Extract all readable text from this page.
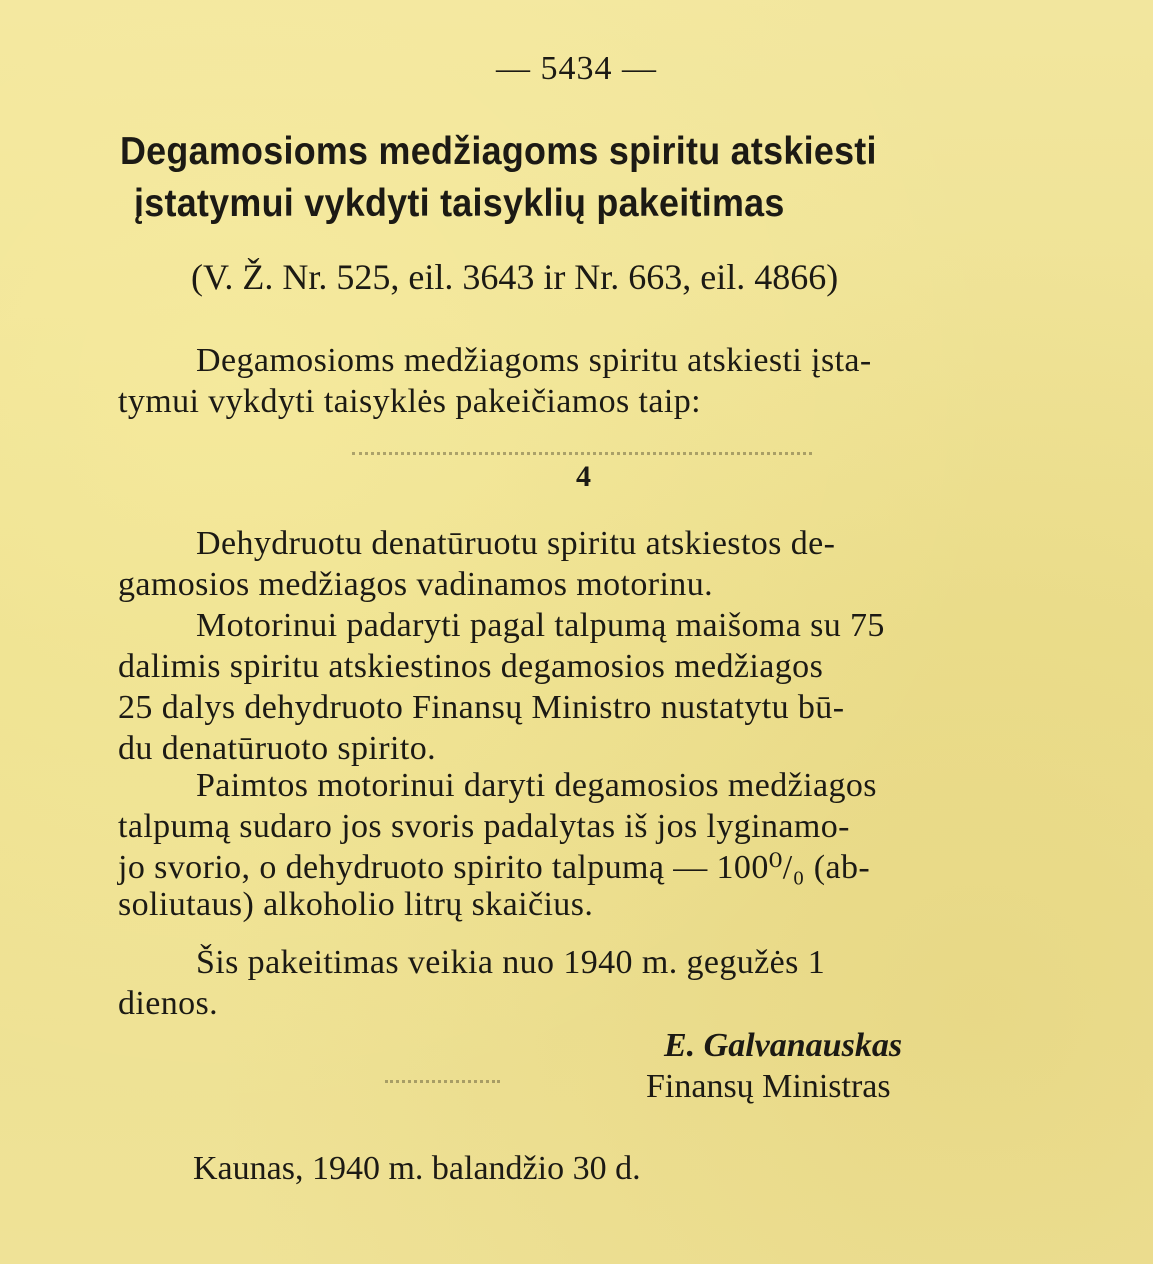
— 5434 —

Degamosioms medžiagoms spiritu atskiesti
įstatymui vykdyti taisyklių pakeitimas

(V. Ž. Nr. 525, eil. 3643 ir Nr. 663, eil. 4866)

Degamosioms medžiagoms spiritu atskiesti įsta-

tymui vykdyti taisyklės pakeičiamos taip:

4

Dehydruotu denatūruotu spiritu atskiestos de-

gamosios medžiagos vadinamos motorinu.

Motorinui padaryti pagal talpumą maišoma su 75

dalimis spiritu atskiestinos degamosios medžiagos

25 dalys dehydruoto Finansų Ministro nustatytu bū-

du denatūruoto spirito.

Paimtos motorinui daryti degamosios medžiagos

talpumą sudaro jos svoris padalytas iš jos lyginamo-

jo svorio, o dehydruoto spirito talpumą — 100⁰/₀ (ab-

soliutaus) alkoholio litrų skaičius.

Šis pakeitimas veikia nuo 1940 m. gegužės 1

dienos.

E. Galvanauskas

Finansų Ministras

Kaunas, 1940 m. balandžio 30 d.
